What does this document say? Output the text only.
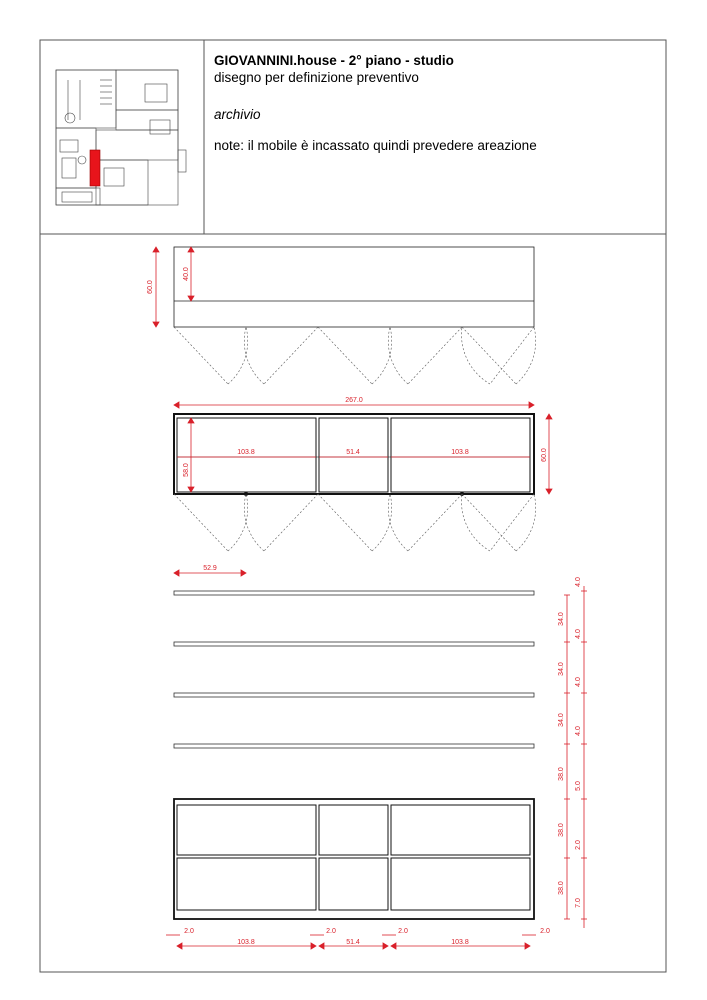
60.0
40.0
267.0
103.8	51.4	103.8
58.0
60.0
52.9
4.0
34.0
4.0
34.0
4.0
34.0
4.0
38.0
5.0
38.0
2.0
38.0
7.0
2.0	2.0	2.0	2.0
103.8	51.4	103.8

GIOVANNINI.house - 2° piano - studio

disegno per definizione preventivo

archivio

note: il mobile è incassato quindi prevedere areazione
